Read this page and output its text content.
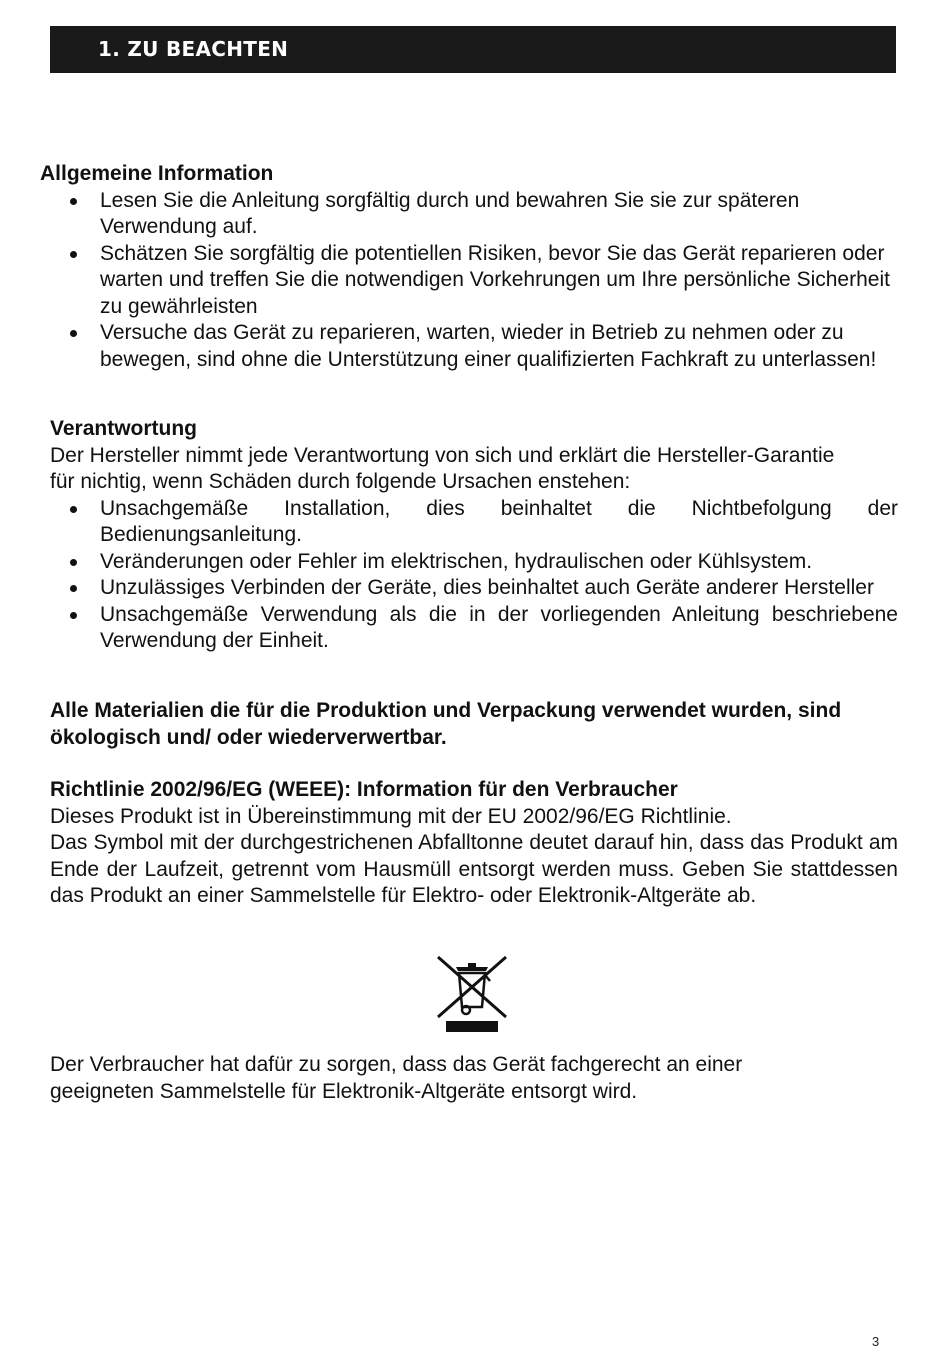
1. ZU BEACHTEN

Allgemeine Information

Lesen Sie die Anleitung sorgfältig durch und bewahren Sie sie zur späteren Verwendung auf.
Schätzen Sie sorgfältig die potentiellen Risiken, bevor Sie das Gerät reparieren oder warten und treffen Sie die notwendigen Vorkehrungen um Ihre persönliche Sicherheit zu gewährleisten
Versuche das Gerät zu reparieren, warten, wieder in Betrieb zu nehmen oder zu bewegen, sind ohne die Unterstützung einer qualifizierten Fachkraft zu unterlassen!

Verantwortung

Der Hersteller nimmt jede Verantwortung von sich und erklärt die Hersteller-Garantie für nichtig, wenn Schäden durch folgende Ursachen enstehen:

Unsachgemäße Installation, dies beinhaltet die Nichtbefolgung der Bedienungsanleitung.
Veränderungen oder Fehler im elektrischen, hydraulischen oder Kühlsystem.
Unzulässiges Verbinden der Geräte, dies beinhaltet auch Geräte anderer Hersteller
Unsachgemäße Verwendung als die in der vorliegenden Anleitung beschriebene Verwendung der Einheit.

Alle Materialien die für die Produktion und Verpackung verwendet wurden, sind ökologisch und/ oder wiederverwertbar.

Richtlinie 2002/96/EG (WEEE): Information für den Verbraucher

Dieses Produkt ist in Übereinstimmung mit der EU 2002/96/EG Richtlinie.

Das Symbol mit der durchgestrichenen Abfalltonne deutet darauf hin, dass das Produkt am Ende der Laufzeit, getrennt vom Hausmüll entsorgt werden muss. Geben Sie stattdessen das Produkt an einer Sammelstelle für Elektro- oder Elektronik-Altgeräte ab.

Der Verbraucher hat dafür zu sorgen, dass das Gerät fachgerecht an einer geeigneten Sammelstelle für Elektronik-Altgeräte entsorgt wird.

3
